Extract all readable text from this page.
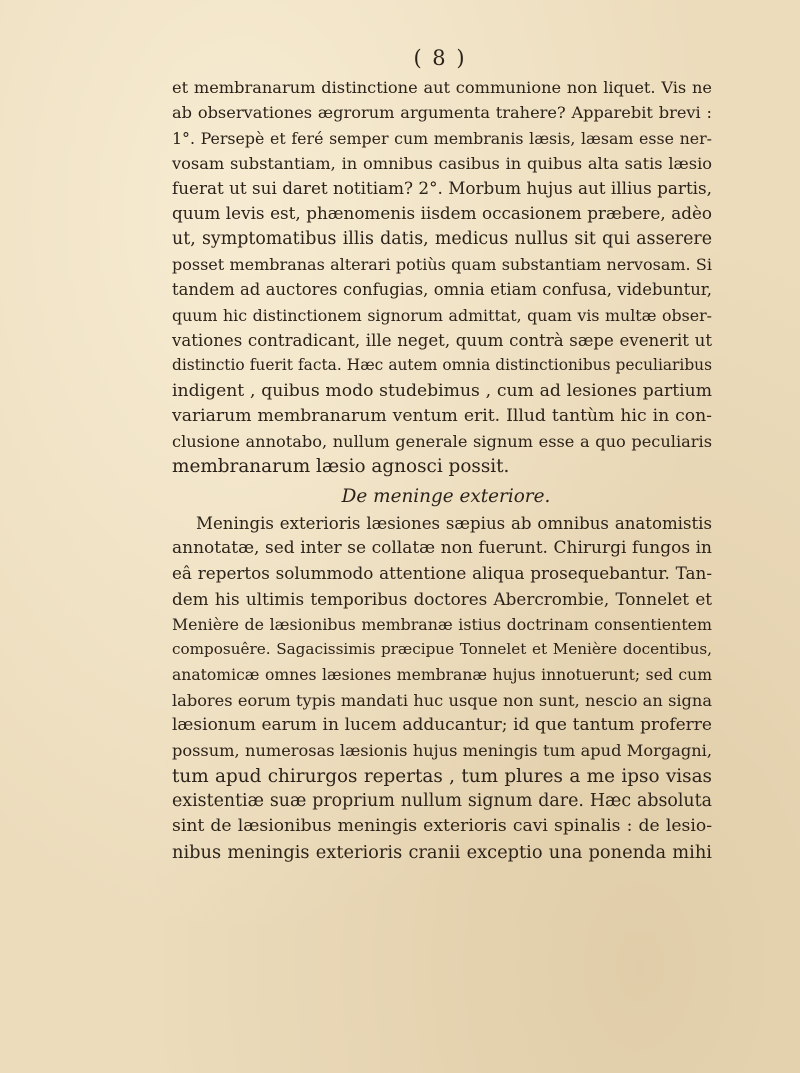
( 8 )
et membranarum distinctione aut communione non liquet. Vis ne
ab observationes ægrorum argumenta trahere? Apparebit brevi :
1°. Persepè et feré semper cum membranis læsis, læsam esse ner-
vosam substantiam, in omnibus casibus in quibus alta satis læsio
fuerat ut sui daret notitiam? 2°. Morbum hujus aut illius partis,
quum levis est, phænomenis iisdem occasionem præbere, adèo
ut, symptomatibus illis datis, medicus nullus sit qui asserere
posset membranas alterari potiùs quam substantiam nervosam. Si
tandem ad auctores confugias, omnia etiam confusa, videbuntur,
quum hic distinctionem signorum admittat, quam vis multæ obser-
vationes contradicant, ille neget, quum contrà sæpe evenerit ut
distinctio fuerit facta. Hæc autem omnia distinctionibus peculiaribus
indigent , quibus modo studebimus , cum ad lesiones partium
variarum membranarum ventum erit. Illud tantùm hic in con-
clusione annotabo, nullum generale signum esse a quo peculiaris
membranarum læsio agnosci possit.
De meninge exteriore.
Meningis exterioris læsiones sæpius ab omnibus anatomistis
annotatæ, sed inter se collatæ non fuerunt. Chirurgi fungos in
eâ repertos solummodo attentione aliqua prosequebantur. Tan-
dem his ultimis temporibus doctores Abercrombie, Tonnelet et
Menière de læsionibus membranæ istius doctrinam consentientem
composuêre. Sagacissimis præcipue Tonnelet et Menière docentibus,
anatomicæ omnes læsiones membranæ hujus innotuerunt; sed cum
labores eorum typis mandati huc usque non sunt, nescio an signa
læsionum earum in lucem adducantur; id que tantum proferre
possum, numerosas læsionis hujus meningis tum apud Morgagni,
tum apud chirurgos repertas , tum plures a me ipso visas
existentiæ suæ proprium nullum signum dare. Hæc absoluta
sint de læsionibus meningis exterioris cavi spinalis : de lesio-
nibus meningis exterioris cranii exceptio una ponenda mihi
